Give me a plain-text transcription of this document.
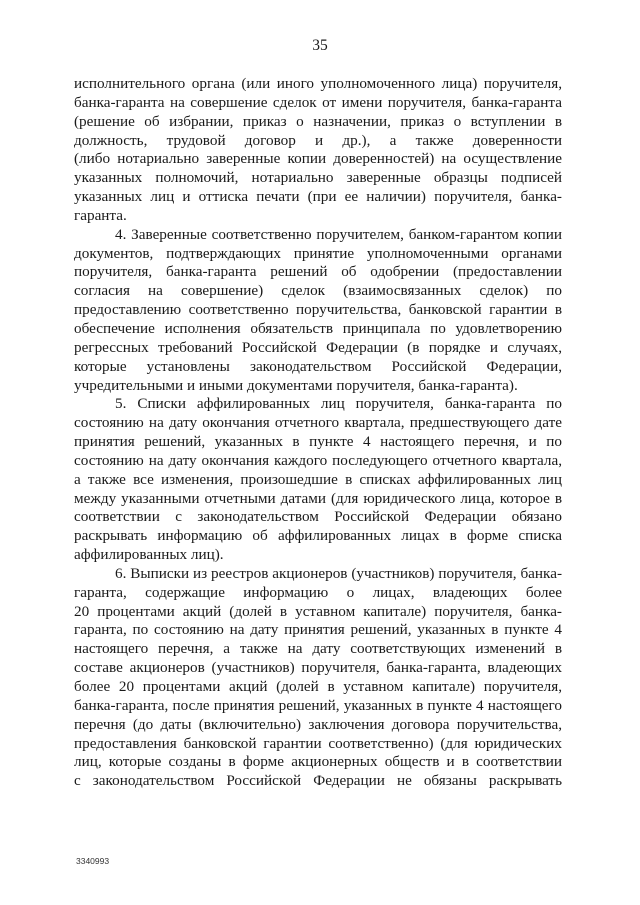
35
исполнительного органа (или иного уполномоченного лица) поручителя,
банка-гаранта на совершение сделок от имени поручителя, банка-гаранта
(решение об избрании, приказ о назначении, приказ о вступлении в
должность, трудовой договор и др.), а также доверенности
(либо нотариально заверенные копии доверенностей) на осуществление
указанных полномочий, нотариально заверенные образцы подписей
указанных лиц и оттиска печати (при ее наличии) поручителя, банка-
гаранта.
4. Заверенные соответственно поручителем, банком-гарантом копии
документов, подтверждающих принятие уполномоченными органами
поручителя, банка-гаранта решений об одобрении (предоставлении
согласия на совершение) сделок (взаимосвязанных сделок) по
предоставлению соответственно поручительства, банковской гарантии в
обеспечение исполнения обязательств принципала по удовлетворению
регрессных требований Российской Федерации (в порядке и случаях,
которые установлены законодательством Российской Федерации,
учредительными и иными документами поручителя, банка-гаранта).
5. Списки аффилированных лиц поручителя, банка-гаранта по
состоянию на дату окончания отчетного квартала, предшествующего дате
принятия решений, указанных в пункте 4 настоящего перечня, и по
состоянию на дату окончания каждого последующего отчетного квартала,
а также все изменения, произошедшие в списках аффилированных лиц
между указанными отчетными датами (для юридического лица, которое в
соответствии с законодательством Российской Федерации обязано
раскрывать информацию об аффилированных лицах в форме списка
аффилированных лиц).
6. Выписки из реестров акционеров (участников) поручителя, банка-
гаранта, содержащие информацию о лицах, владеющих более
20 процентами акций (долей в уставном капитале) поручителя, банка-
гаранта, по состоянию на дату принятия решений, указанных в пункте 4
настоящего перечня, а также на дату соответствующих изменений в
составе акционеров (участников) поручителя, банка-гаранта, владеющих
более 20 процентами акций (долей в уставном капитале) поручителя,
банка-гаранта, после принятия решений, указанных в пункте 4 настоящего
перечня (до даты (включительно) заключения договора поручительства,
предоставления банковской гарантии соответственно) (для юридических
лиц, которые созданы в форме акционерных обществ и в соответствии
с законодательством Российской Федерации не обязаны раскрывать
3340993
